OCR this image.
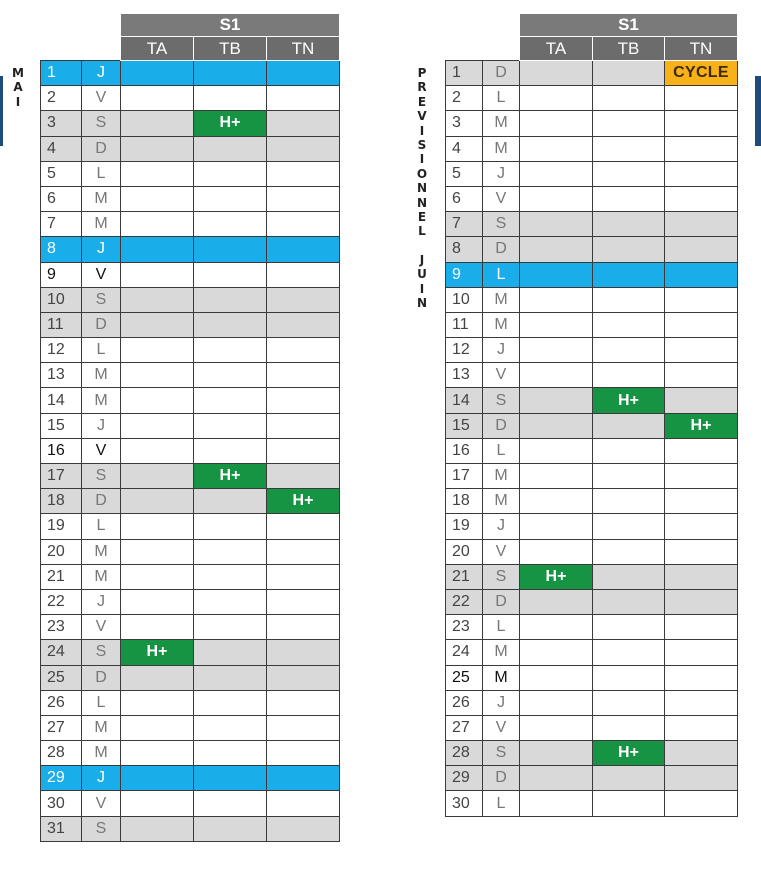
M
A
I
P
R
E
V
I
S
I
O
N
N
E
L
J
U
I
N
		S1		
		TA	TB	TN
1	J			
2	V			
3	S		H+	
4	D			
5	L			
6	M			
7	M			
8	J			
9	V			
10	S			
11	D			
12	L			
13	M			
14	M			
15	J			
16	V			
17	S		H+	
18	D			H+
19	L			
20	M			
21	M			
22	J			
23	V			
24	S	H+		
25	D			
26	L			
27	M			
28	M			
29	J			
30	V			
31	S			
		S1		
		TA	TB	TN
1	D			CYCLE
2	L			
3	M			
4	M			
5	J			
6	V			
7	S			
8	D			
9	L			
10	M			
11	M			
12	J			
13	V			
14	S		H+	
15	D			H+
16	L			
17	M			
18	M			
19	J			
20	V			
21	S	H+		
22	D			
23	L			
24	M			
25	M			
26	J			
27	V			
28	S		H+	
29	D			
30	L			
